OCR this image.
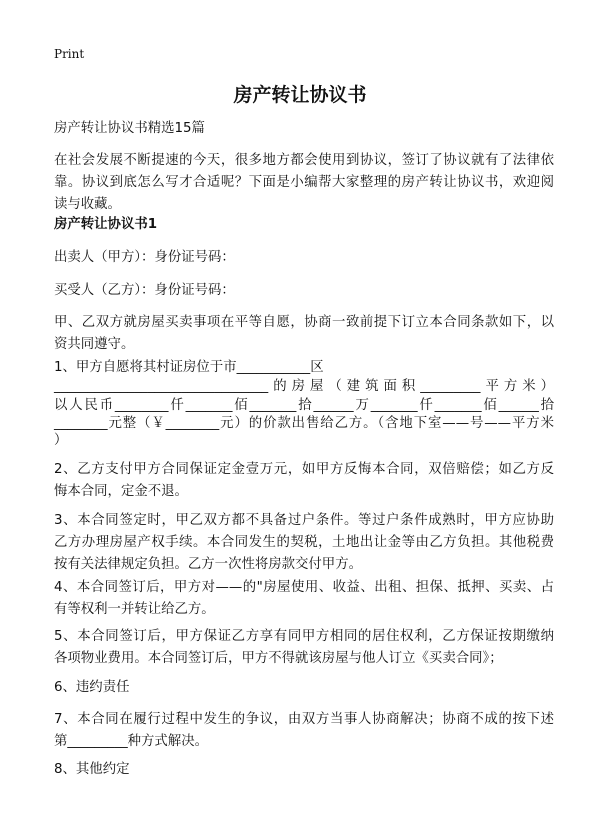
Print
房产转让协议书
房产转让协议书精选15篇
在社会发展不断提速的今天，很多地方都会使用到协议，签订了协议就有了法律依
靠。协议到底怎么写才合适呢？下面是小编帮大家整理的房产转让协议书，欢迎阅
读与收藏。
房产转让协议书1
出卖人（甲方）：身份证号码：
买受人（乙方）：身份证号码：
甲、乙双方就房屋买卖事项在平等自愿，协商一致前提下订立本合同条款如下，以
资共同遵守。
1、甲方自愿将其村证房位于市___________区
________________________________的房屋（建筑面积_________平方米）
以人民币________仟_______佰_______拾______万_______仟_______佰______拾
________元整（￥________元）的价款出售给乙方。（含地下室——号——平方米
）
2、乙方支付甲方合同保证定金壹万元，如甲方反悔本合同，双倍赔偿；如乙方反
悔本合同，定金不退。
3、本合同签定时，甲乙双方都不具备过户条件。等过户条件成熟时，甲方应协助
乙方办理房屋产权手续。本合同发生的契税，土地出让金等由乙方负担。其他税费
按有关法律规定负担。乙方一次性将房款交付甲方。
4、本合同签订后，甲方对——的"房屋使用、收益、出租、担保、抵押、买卖、占
有等权利一并转让给乙方。
5、本合同签订后，甲方保证乙方享有同甲方相同的居住权利，乙方保证按期缴纳
各项物业费用。本合同签订后，甲方不得就该房屋与他人订立《买卖合同》；
6、违约责任
7、本合同在履行过程中发生的争议，由双方当事人协商解决；协商不成的按下述
第_________种方式解决。
8、其他约定
